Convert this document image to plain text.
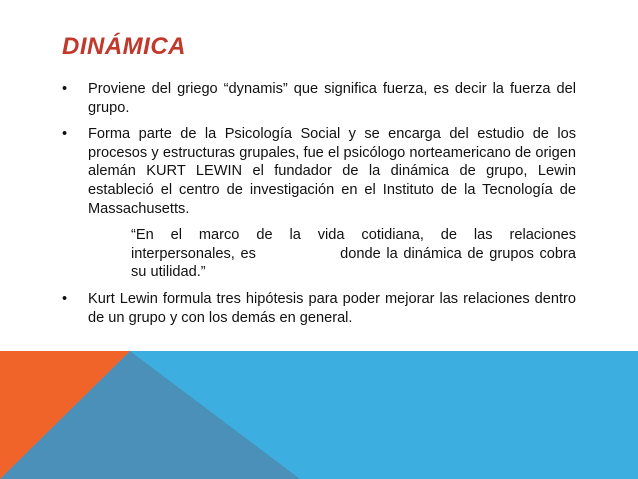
DINÁMICA
•	Proviene del griego “dynamis” que significa fuerza, es decir la fuerza del grupo.
•	Forma parte de la Psicología Social y se encarga del estudio de los procesos y estructuras grupales, fue el psicólogo norteamericano de origen alemán KURT LEWIN el fundador de la dinámica de grupo, Lewin estableció el centro de investigación en el Instituto de la Tecnología de Massachusetts.
“En el marco de la vida cotidiana, de las relaciones
interpersonales, es               donde la dinámica de grupos cobra
su utilidad.”
•	Kurt Lewin formula tres hipótesis para poder mejorar las relaciones dentro de un grupo y con los demás en general.
